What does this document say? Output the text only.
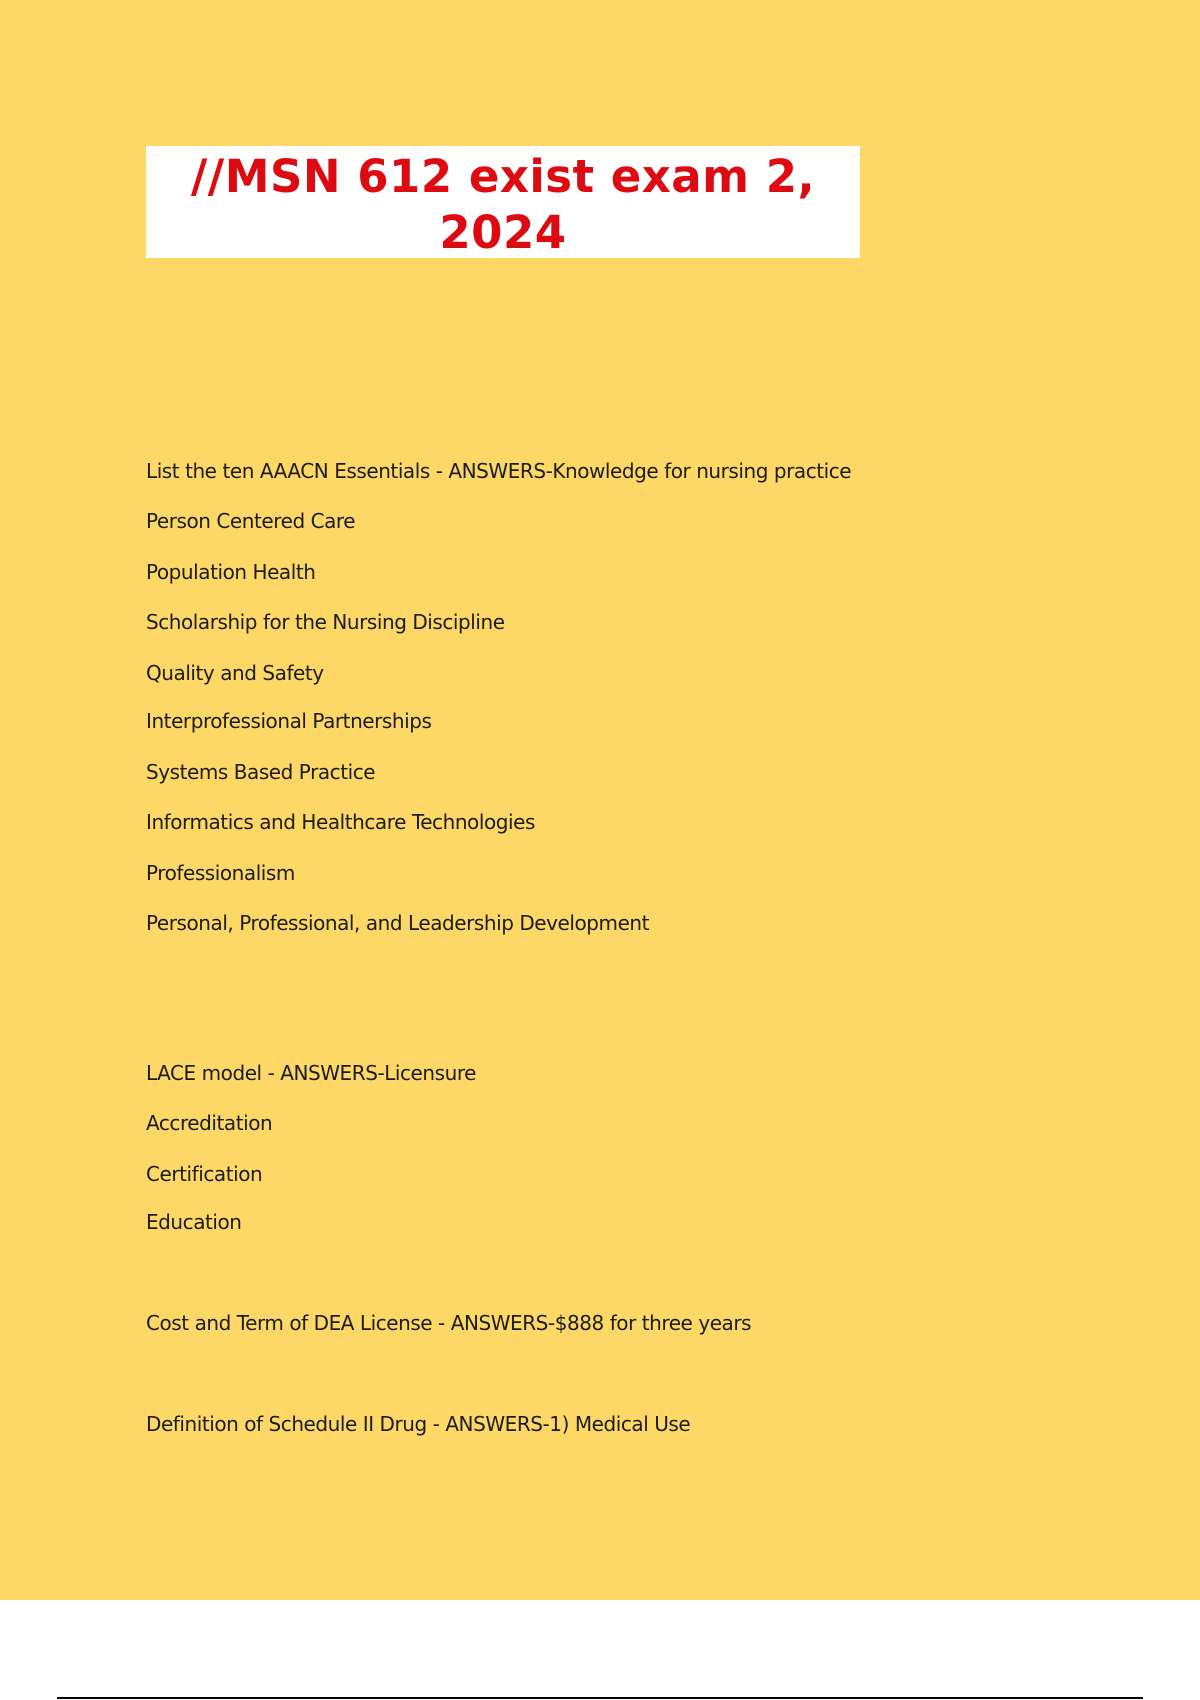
//MSN 612 exist exam 2, 2024
List the ten AAACN Essentials - ANSWERS-Knowledge for nursing practice
Person Centered Care
Population Health
Scholarship for the Nursing Discipline
Quality and Safety
Interprofessional Partnerships
Systems Based Practice
Informatics and Healthcare Technologies
Professionalism
Personal, Professional, and Leadership Development
LACE model - ANSWERS-Licensure
Accreditation
Certification
Education
Cost and Term of DEA License - ANSWERS-$888 for three years
Definition of Schedule II Drug - ANSWERS-1) Medical Use
